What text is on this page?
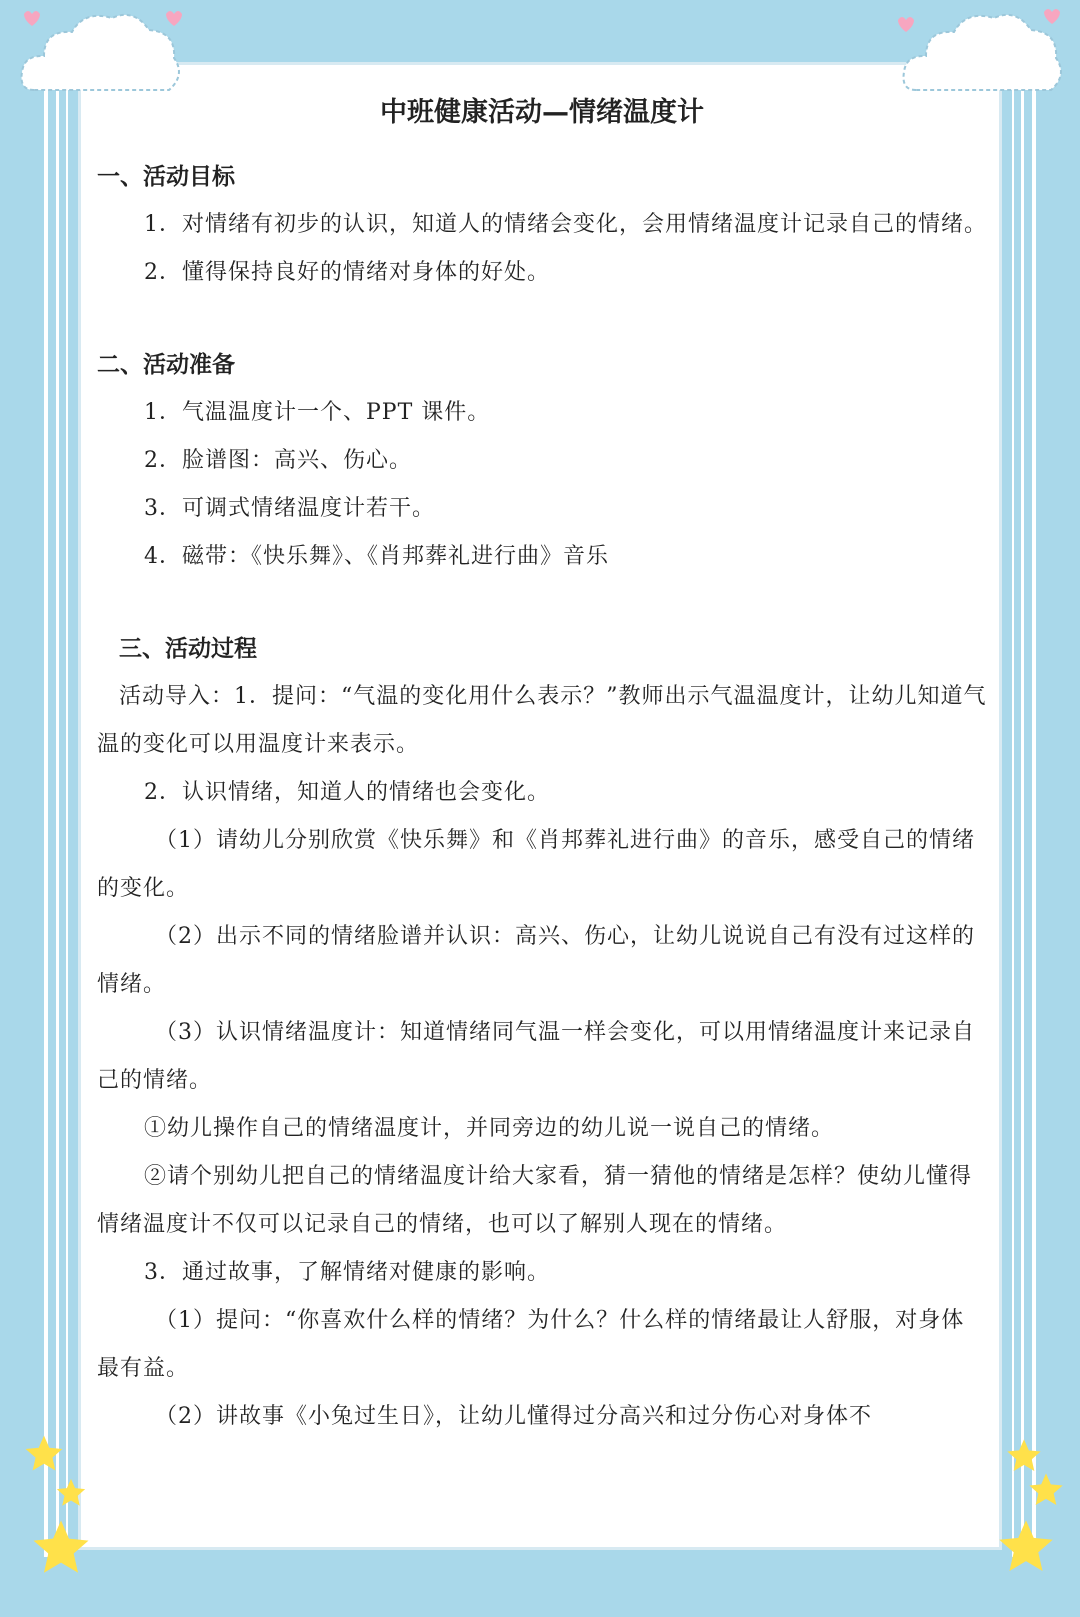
中班健康活动—情绪温度计
一、活动目标

1．对情绪有初步的认识，知道人的情绪会变化，会用情绪温度计记录自己的情绪。

2．懂得保持良好的情绪对身体的好处。

二、活动准备

1．气温温度计一个、PPT 课件。

2．脸谱图：高兴、伤心。

3．可调式情绪温度计若干。

4．磁带：《快乐舞》、《肖邦葬礼进行曲》音乐

三、活动过程

活动导入：1．提问：“气温的变化用什么表示？”教师出示气温温度计，让幼儿知道气温的变化可以用温度计来表示。

2．认识情绪，知道人的情绪也会变化。

（1）请幼儿分别欣赏《快乐舞》和《肖邦葬礼进行曲》的音乐，感受自己的情绪的变化。

（2）出示不同的情绪脸谱并认识：高兴、伤心，让幼儿说说自己有没有过这样的情绪。

（3）认识情绪温度计：知道情绪同气温一样会变化，可以用情绪温度计来记录自己的情绪。

①幼儿操作自己的情绪温度计，并同旁边的幼儿说一说自己的情绪。

②请个别幼儿把自己的情绪温度计给大家看，猜一猜他的情绪是怎样？使幼儿懂得情绪温度计不仅可以记录自己的情绪，也可以了解别人现在的情绪。

3．通过故事，了解情绪对健康的影响。

（1）提问：“你喜欢什么样的情绪？为什么？什么样的情绪最让人舒服，对身体最有益。

（2）讲故事《小兔过生日》，让幼儿懂得过分高兴和过分伤心对身体不
